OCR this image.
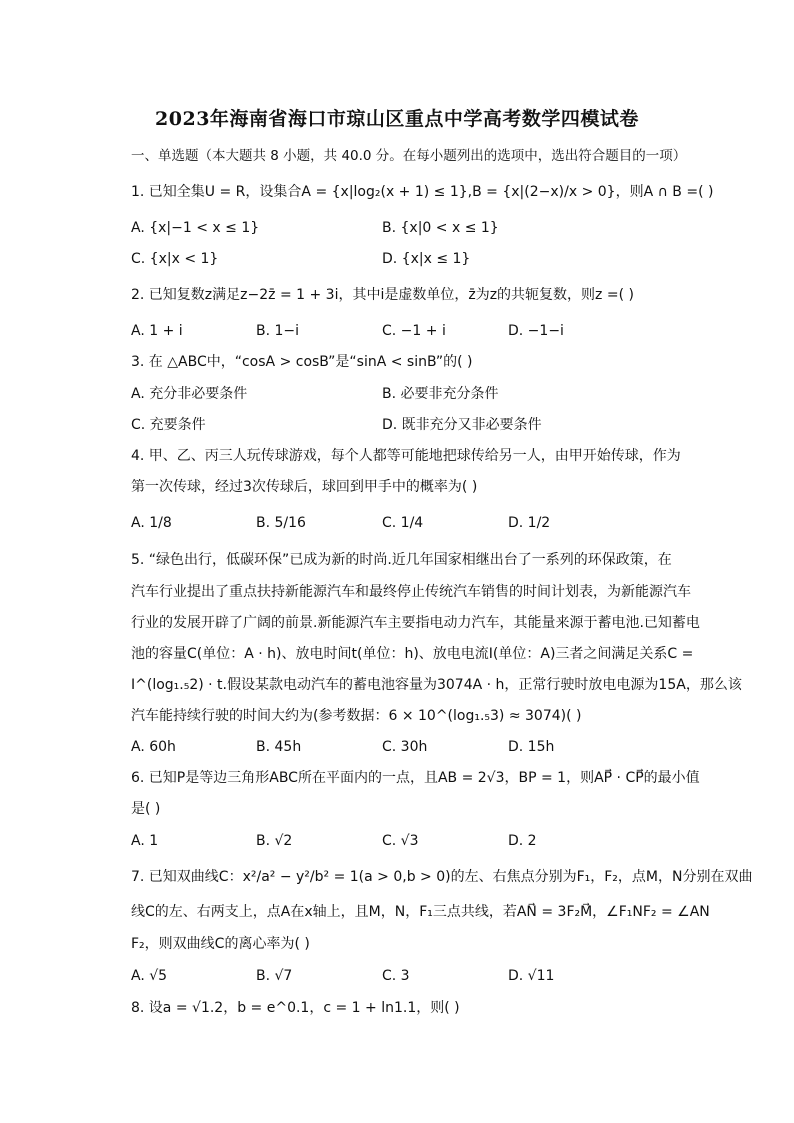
2023年海南省海口市琼山区重点中学高考数学四模试卷
一、单选题（本大题共 8 小题，共 40.0 分。在每小题列出的选项中，选出符合题目的一项）
1. 已知全集U = R，设集合A = {x|log₂(x + 1) ≤ 1},B = {x|(2−x)/x > 0}，则A ∩ B =( )
A. {x|−1 < x ≤ 1}	B. {x|0 < x ≤ 1}
C. {x|x < 1}	D. {x|x ≤ 1}
2. 已知复数z满足z−2z̄ = 1 + 3i，其中i是虚数单位，z̄为z的共轭复数，则z =( )
A. 1 + i	B. 1−i	C. −1 + i	D. −1−i
3. 在 △ABC中，“cosA > cosB”是“sinA < sinB”的( )
A. 充分非必要条件	B. 必要非充分条件
C. 充要条件	D. 既非充分又非必要条件
4. 甲、乙、丙三人玩传球游戏，每个人都等可能地把球传给另一人，由甲开始传球，作为
第一次传球，经过3次传球后，球回到甲手中的概率为( )
A. 1/8	B. 5/16	C. 1/4	D. 1/2
5. “绿色出行，低碳环保”已成为新的时尚.近几年国家相继出台了一系列的环保政策，在
汽车行业提出了重点扶持新能源汽车和最终停止传统汽车销售的时间计划表，为新能源汽车
行业的发展开辟了广阔的前景.新能源汽车主要指电动力汽车，其能量来源于蓄电池.已知蓄电
池的容量C(单位：A · h)、放电时间t(单位：h)、放电电流I(单位：A)三者之间满足关系C =
I^(log₁.₅2) · t.假设某款电动汽车的蓄电池容量为3074A · h，正常行驶时放电电源为15A，那么该
汽车能持续行驶的时间大约为(参考数据：6 × 10^(log₁.₅3) ≈ 3074)( )
A. 60h	B. 45h	C. 30h	D. 15h
6. 已知P是等边三角形ABC所在平面内的一点，且AB = 2√3，BP = 1，则AP⃗ · CP⃗的最小值
是( )
A. 1	B. √2	C. √3	D. 2
7. 已知双曲线C：x²/a² − y²/b² = 1(a > 0,b > 0)的左、右焦点分别为F₁，F₂，点M，N分别在双曲
线C的左、右两支上，点A在x轴上，且M，N，F₁三点共线，若AN⃗ = 3F₂M⃗，∠F₁NF₂ = ∠AN
F₂，则双曲线C的离心率为( )
A. √5	B. √7	C. 3	D. √11
8. 设a = √1.2，b = e^0.1，c = 1 + ln1.1，则( )
